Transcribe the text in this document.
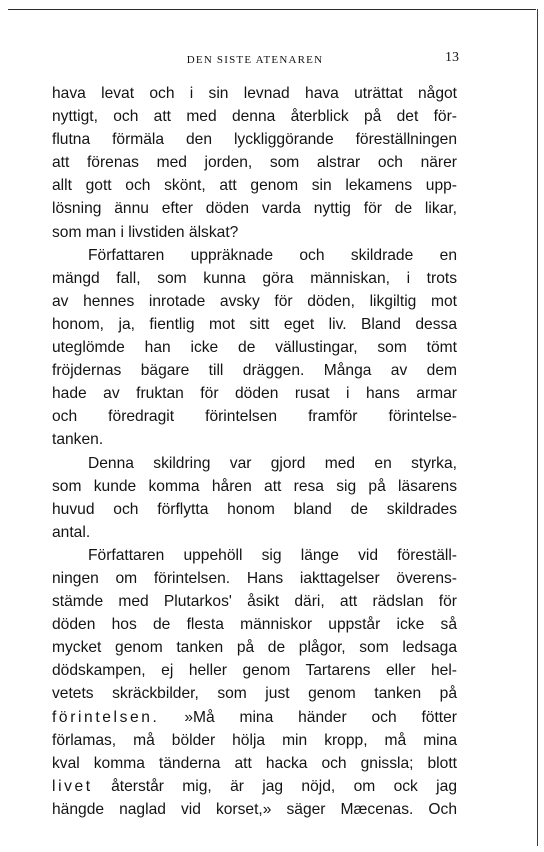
DEN SISTE ATENAREN	13
hava levat och i sin levnad hava uträttat något
nyttigt, och att med denna återblick på det för-
flutna förmäla den lyckliggörande föreställningen
att förenas med jorden, som alstrar och närer
allt gott och skönt, att genom sin lekamens upp-
lösning ännu efter döden varda nyttig för de likar,
som man i livstiden älskat?
Författaren uppräknade och skildrade en
mängd fall, som kunna göra människan, i trots
av hennes inrotade avsky för döden, likgiltig mot
honom, ja, fientlig mot sitt eget liv. Bland dessa
uteglömde han icke de vällustingar, som tömt
fröjdernas bägare till dräggen. Många av dem
hade av fruktan för döden rusat i hans armar
och föredragit förintelsen framför förintelse-
tanken.
Denna skildring var gjord med en styrka,
som kunde komma håren att resa sig på läsarens
huvud och förflytta honom bland de skildrades
antal.
Författaren uppehöll sig länge vid föreställ-
ningen om förintelsen. Hans iakttagelser överens-
stämde med Plutarkos' åsikt däri, att rädslan för
döden hos de flesta människor uppstår icke så
mycket genom tanken på de plågor, som ledsaga
dödskampen, ej heller genom Tartarens eller hel-
vetets skräckbilder, som just genom tanken på
förintelsen. »Må mina händer och fötter
förlamas, må bölder hölja min kropp, må mina
kval komma tänderna att hacka och gnissla; blott
livet återstår mig, är jag nöjd, om ock jag
hängde naglad vid korset,» säger Mæcenas. Och
